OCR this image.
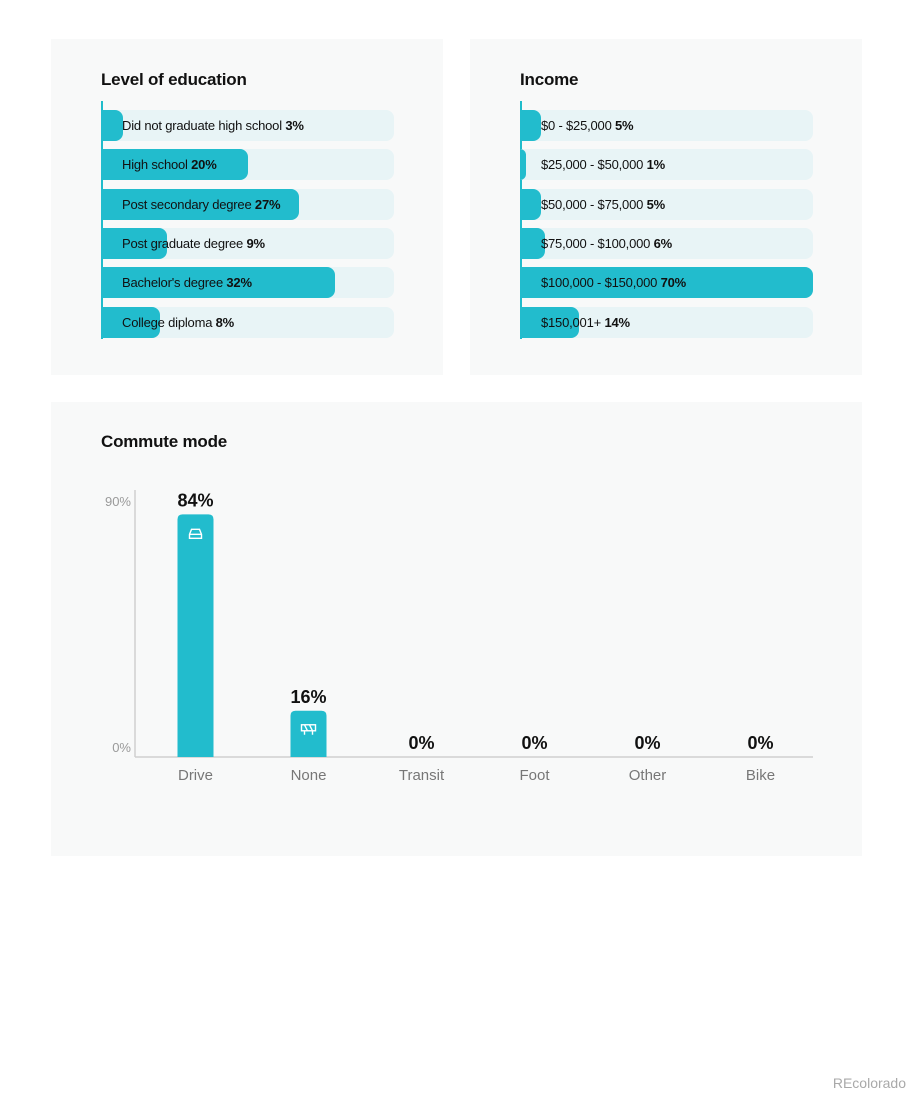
Level of education
Did not graduate high school 3%
High school 20%
Post secondary degree 27%
Post graduate degree 9%
Bachelor's degree 32%
College diploma 8%
Income
$0 - $25,000 5%
$25,000 - $50,000 1%
$50,000 - $75,000 5%
$75,000 - $100,000 6%
$100,000 - $150,000 70%
$150,001+ 14%
Commute mode
0%
90%	84%
Drive
16%
None
0%
Transit
0%
Foot
0%
Other
0%
Bike
REcolorado
